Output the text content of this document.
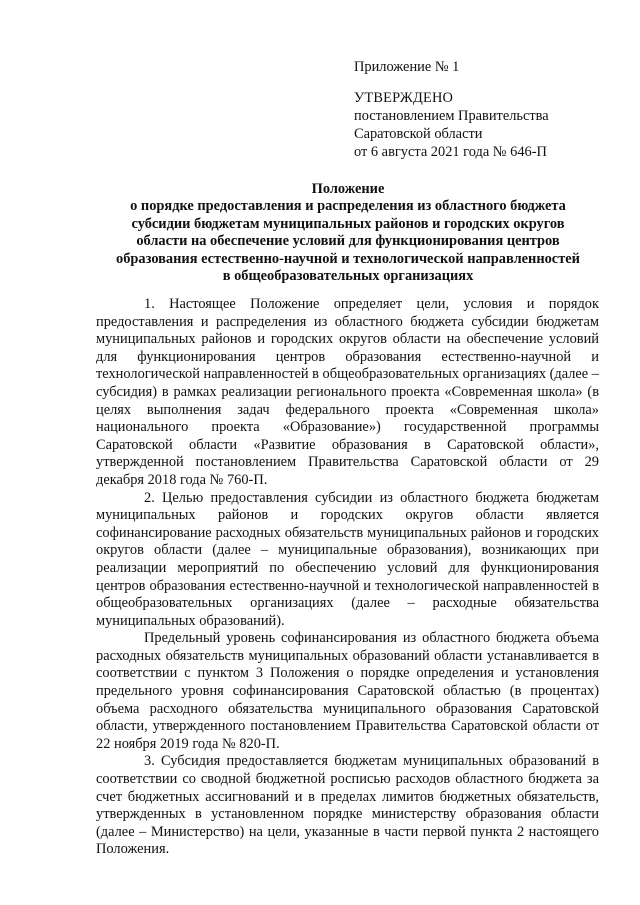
Приложение № 1
УТВЕРЖДЕНО
постановлением Правительства
Саратовской области
от 6 августа 2021 года № 646-П
Положение
о порядке предоставления и распределения из областного бюджета
субсидии бюджетам муниципальных районов и городских округов
области на обеспечение условий для функционирования центров
образования естественно-научной и технологической направленностей
в общеобразовательных организациях

1. Настоящее Положение определяет цели, условия и порядок предоставления и распределения из областного бюджета субсидии бюджетам муниципальных районов и городских округов области на обеспечение условий для функционирования центров образования естественно-научной и технологической направленностей в общеобразовательных организациях (далее – субсидия) в рамках реализации регионального проекта «Современная школа» (в целях выполнения задач федерального проекта «Современная школа» национального проекта «Образование») государственной программы Саратовской области «Развитие образования в Саратовской области», утвержденной постановлением Правительства Саратовской области от 29 декабря 2018 года № 760-П.

2. Целью предоставления субсидии из областного бюджета бюджетам муниципальных районов и городских округов области является софинансирование расходных обязательств муниципальных районов и городских округов области (далее – муниципальные образования), возникающих при реализации мероприятий по обеспечению условий для функционирования центров образования естественно-научной и технологической направленностей в общеобразовательных организациях (далее – расходные обязательства муниципальных образований).

Предельный уровень софинансирования из областного бюджета объема расходных обязательств муниципальных образований области устанавливается в соответствии с пунктом 3 Положения о порядке определения и установления предельного уровня софинансирования Саратовской областью (в процентах) объема расходного обязательства муниципального образования Саратовской области, утвержденного постановлением Правительства Саратовской области от 22 ноября 2019 года № 820-П.

3. Субсидия предоставляется бюджетам муниципальных образований в соответствии со сводной бюджетной росписью расходов областного бюджета за счет бюджетных ассигнований и в пределах лимитов бюджетных обязательств, утвержденных в установленном порядке министерству образования области (далее – Министерство) на цели, указанные в части первой пункта 2 настоящего Положения.
